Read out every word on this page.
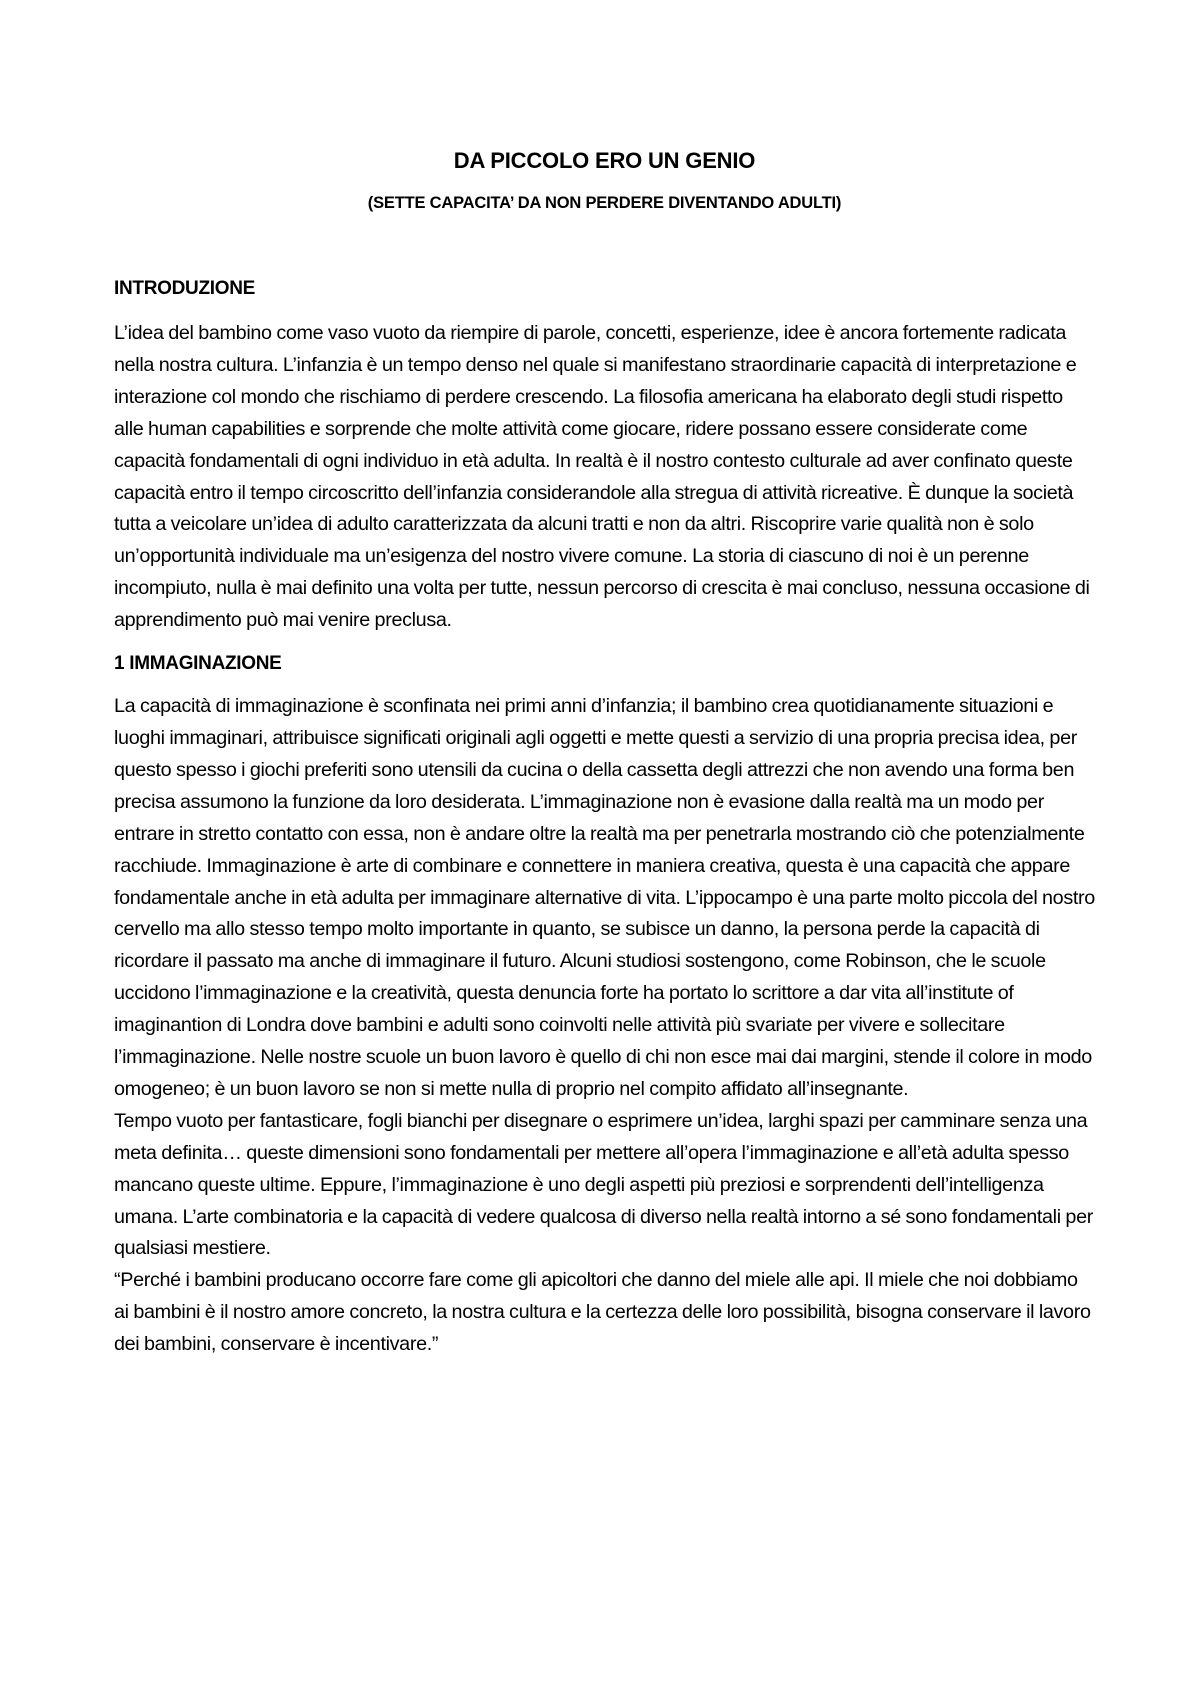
DA PICCOLO ERO UN GENIO
(SETTE CAPACITA’ DA NON PERDERE DIVENTANDO ADULTI)
INTRODUZIONE

L’idea del bambino come vaso vuoto da riempire di parole, concetti, esperienze, idee è ancora fortemente radicata nella nostra cultura. L’infanzia è un tempo denso nel quale si manifestano straordinarie capacità di interpretazione e interazione col mondo che rischiamo di perdere crescendo. La filosofia americana ha elaborato degli studi rispetto alle human capabilities e sorprende che molte attività come giocare, ridere possano essere considerate come capacità fondamentali di ogni individuo in età adulta. In realtà è il nostro contesto culturale ad aver confinato queste capacità entro il tempo circoscritto dell’infanzia considerandole alla stregua di attività ricreative. È dunque la società tutta a veicolare un’idea di adulto caratterizzata da alcuni tratti e non da altri. Riscoprire varie qualità non è solo un’opportunità individuale ma un’esigenza del nostro vivere comune. La storia di ciascuno di noi è un perenne incompiuto, nulla è mai definito una volta per tutte, nessun percorso di crescita è mai concluso, nessuna occasione di apprendimento può mai venire preclusa.

1 IMMAGINAZIONE

La capacità di immaginazione è sconfinata nei primi anni d’infanzia; il bambino crea quotidianamente situazioni e luoghi immaginari, attribuisce significati originali agli oggetti e mette questi a servizio di una propria precisa idea, per questo spesso i giochi preferiti sono utensili da cucina o della cassetta degli attrezzi che non avendo una forma ben precisa assumono la funzione da loro desiderata. L’immaginazione non è evasione dalla realtà ma un modo per entrare in stretto contatto con essa, non è andare oltre la realtà ma per penetrarla mostrando ciò che potenzialmente racchiude. Immaginazione è arte di combinare e connettere in maniera creativa, questa è una capacità che appare fondamentale anche in età adulta per immaginare alternative di vita. L’ippocampo è una parte molto piccola del nostro cervello ma allo stesso tempo molto importante in quanto, se subisce un danno, la persona perde la capacità di ricordare il passato ma anche di immaginare il futuro. Alcuni studiosi sostengono, come Robinson, che le scuole uccidono l’immaginazione e la creatività, questa denuncia forte ha portato lo scrittore a dar vita all’institute of imaginantion di Londra dove bambini e adulti sono coinvolti nelle attività più svariate per vivere e sollecitare l’immaginazione. Nelle nostre scuole un buon lavoro è quello di chi non esce mai dai margini, stende il colore in modo omogeneo; è un buon lavoro se non si mette nulla di proprio nel compito affidato all’insegnante.

Tempo vuoto per fantasticare, fogli bianchi per disegnare o esprimere un’idea, larghi spazi per camminare senza una meta definita… queste dimensioni sono fondamentali per mettere all’opera l’immaginazione e all’età adulta spesso mancano queste ultime. Eppure, l’immaginazione è uno degli aspetti più preziosi e sorprendenti dell’intelligenza umana. L’arte combinatoria e la capacità di vedere qualcosa di diverso nella realtà intorno a sé sono fondamentali per qualsiasi mestiere.

“Perché i bambini producano occorre fare come gli apicoltori che danno del miele alle api. Il miele che noi dobbiamo ai bambini è il nostro amore concreto, la nostra cultura e la certezza delle loro possibilità, bisogna conservare il lavoro dei bambini, conservare è incentivare.”
